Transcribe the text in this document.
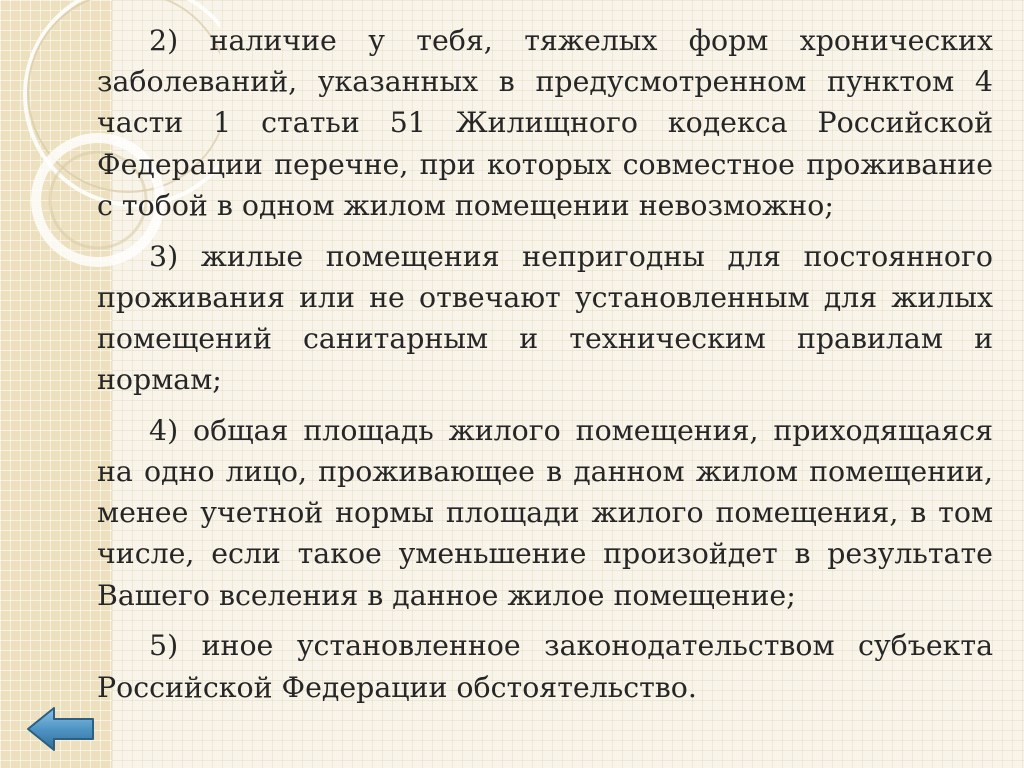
2) наличие у тебя, тяжелых форм хронических заболеваний, указанных в предусмотренном пунктом 4 части 1 статьи 51 Жилищного кодекса Российской Федерации перечне, при которых совместное проживание с тобой в одном жилом помещении невозможно;

3) жилые помещения непригодны для постоянного проживания или не отвечают установленным для жилых помещений санитарным и техническим правилам и нормам;

4) общая площадь жилого помещения, приходящаяся на одно лицо, проживающее в данном жилом помещении, менее учетной нормы площади жилого помещения, в том числе, если такое уменьшение произойдет в результате Вашего вселения в данное жилое помещение;

5) иное установленное законодательством субъекта Российской Федерации обстоятельство.
